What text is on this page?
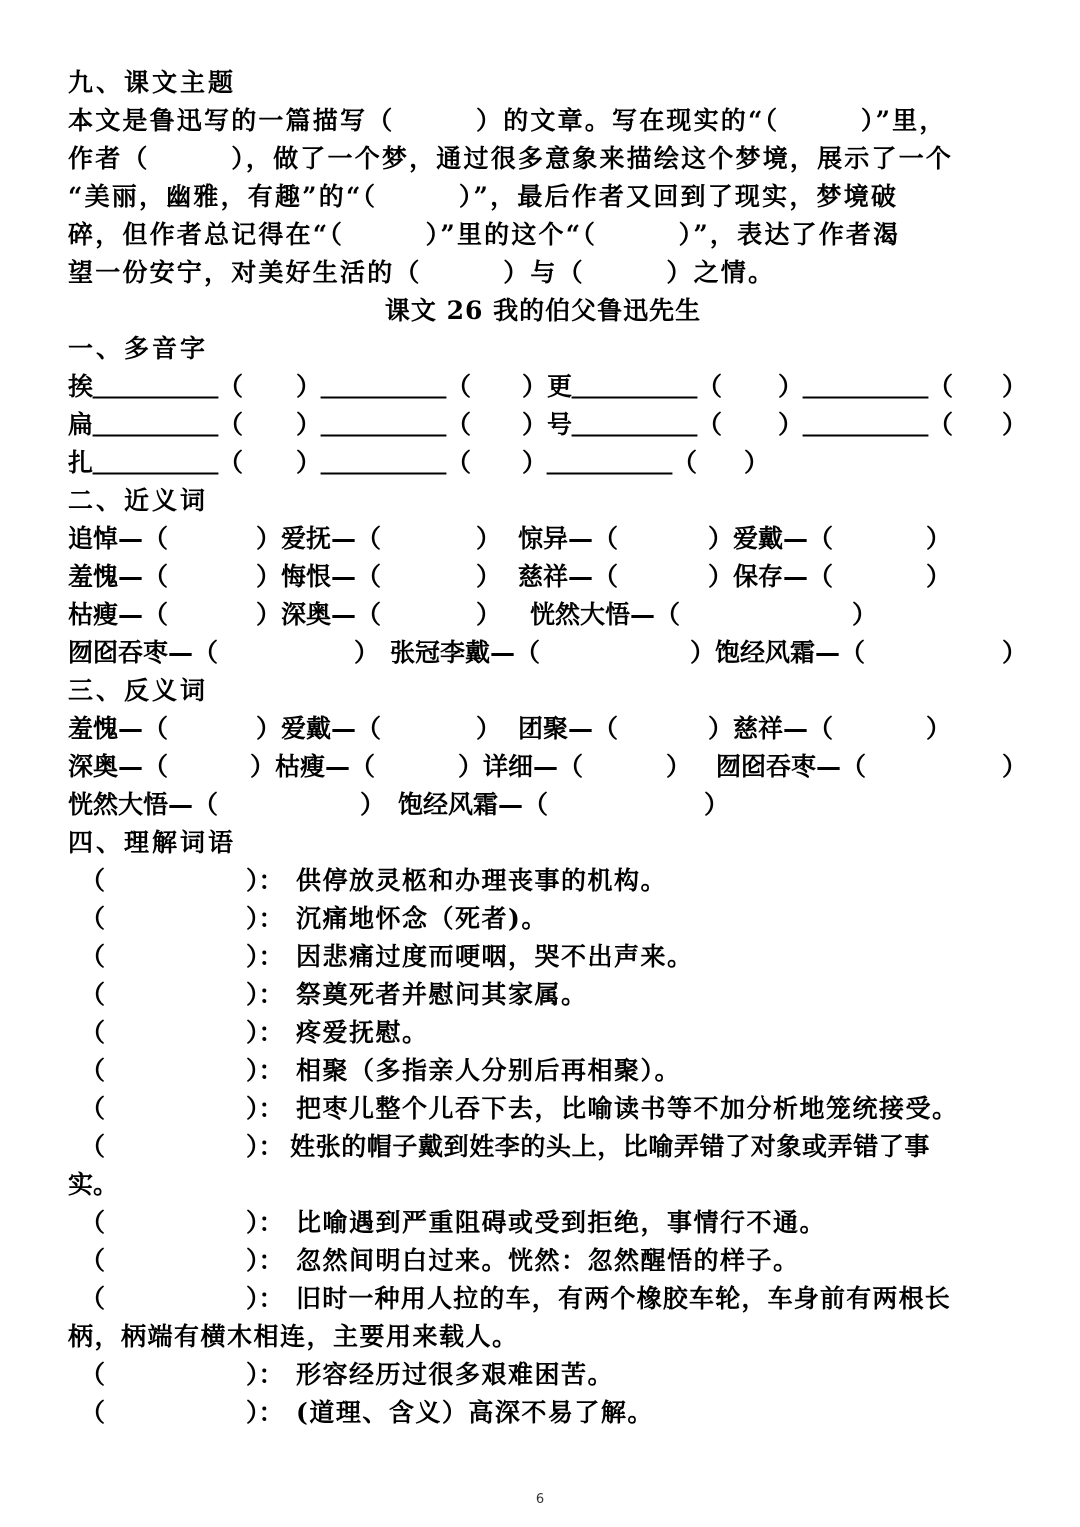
九、课文主题
本文是鲁迅写的一篇描写（　　　）的文章。写在现实的“（　　　）”里，
作者（　　　），做了一个梦，通过很多意象来描绘这个梦境，展示了一个
“美丽，幽雅，有趣”的“（　　　）”，最后作者又回到了现实，梦境破
碎，但作者总记得在“（　　　）”里的这个“（　　　）”，表达了作者渴
望一份安宁，对美好生活的（　　　）与（　　　）之情。
课文 26 我的伯父鲁迅先生
一、多音字
挨＿＿＿＿＿（ ）＿＿＿＿＿（ ）更＿＿＿＿＿（ ）＿＿＿＿＿（ ）
扁＿＿＿＿＿（ ）＿＿＿＿＿（ ）号＿＿＿＿＿（ ）＿＿＿＿＿（ ）
扎＿＿＿＿＿（ ）＿＿＿＿＿（ ）＿＿＿＿＿（ ）
二、近义词
追悼—（	）爱抚—（	） 惊异—（	）爱戴—（	）
羞愧—（	）悔恨—（	） 慈祥—（	）保存—（	）
枯瘦—（	）深奥—（	） 恍然大悟—（	）
囫囵吞枣—（	） 张冠李戴—（	）饱经风霜—（	）
三、反义词
羞愧—（	）爱戴—（	） 团聚—（	）慈祥—（	）
深奥—（	）枯瘦—（	）详细—（	） 囫囵吞枣—（	）
恍然大悟—（	） 饱经风霜—（	）
四、理解词语
（	）： 供停放灵柩和办理丧事的机构。
（	）： 沉痛地怀念（死者)。
（	）： 因悲痛过度而哽咽，哭不出声来。
（	）： 祭奠死者并慰问其家属。
（	）： 疼爱抚慰。
（	）： 相聚（多指亲人分别后再相聚）。
（	）： 把枣儿整个儿吞下去，比喻读书等不加分析地笼统接受。
（	）： 姓张的帽子戴到姓李的头上，比喻弄错了对象或弄错了事
实。
（	）： 比喻遇到严重阻碍或受到拒绝，事情行不通。
（	）： 忽然间明白过来。恍然：忽然醒悟的样子。
（	）： 旧时一种用人拉的车，有两个橡胶车轮，车身前有两根长
柄，柄端有横木相连，主要用来载人。
（	）： 形容经历过很多艰难困苦。
（	）： (道理、含义）高深不易了解。
6
